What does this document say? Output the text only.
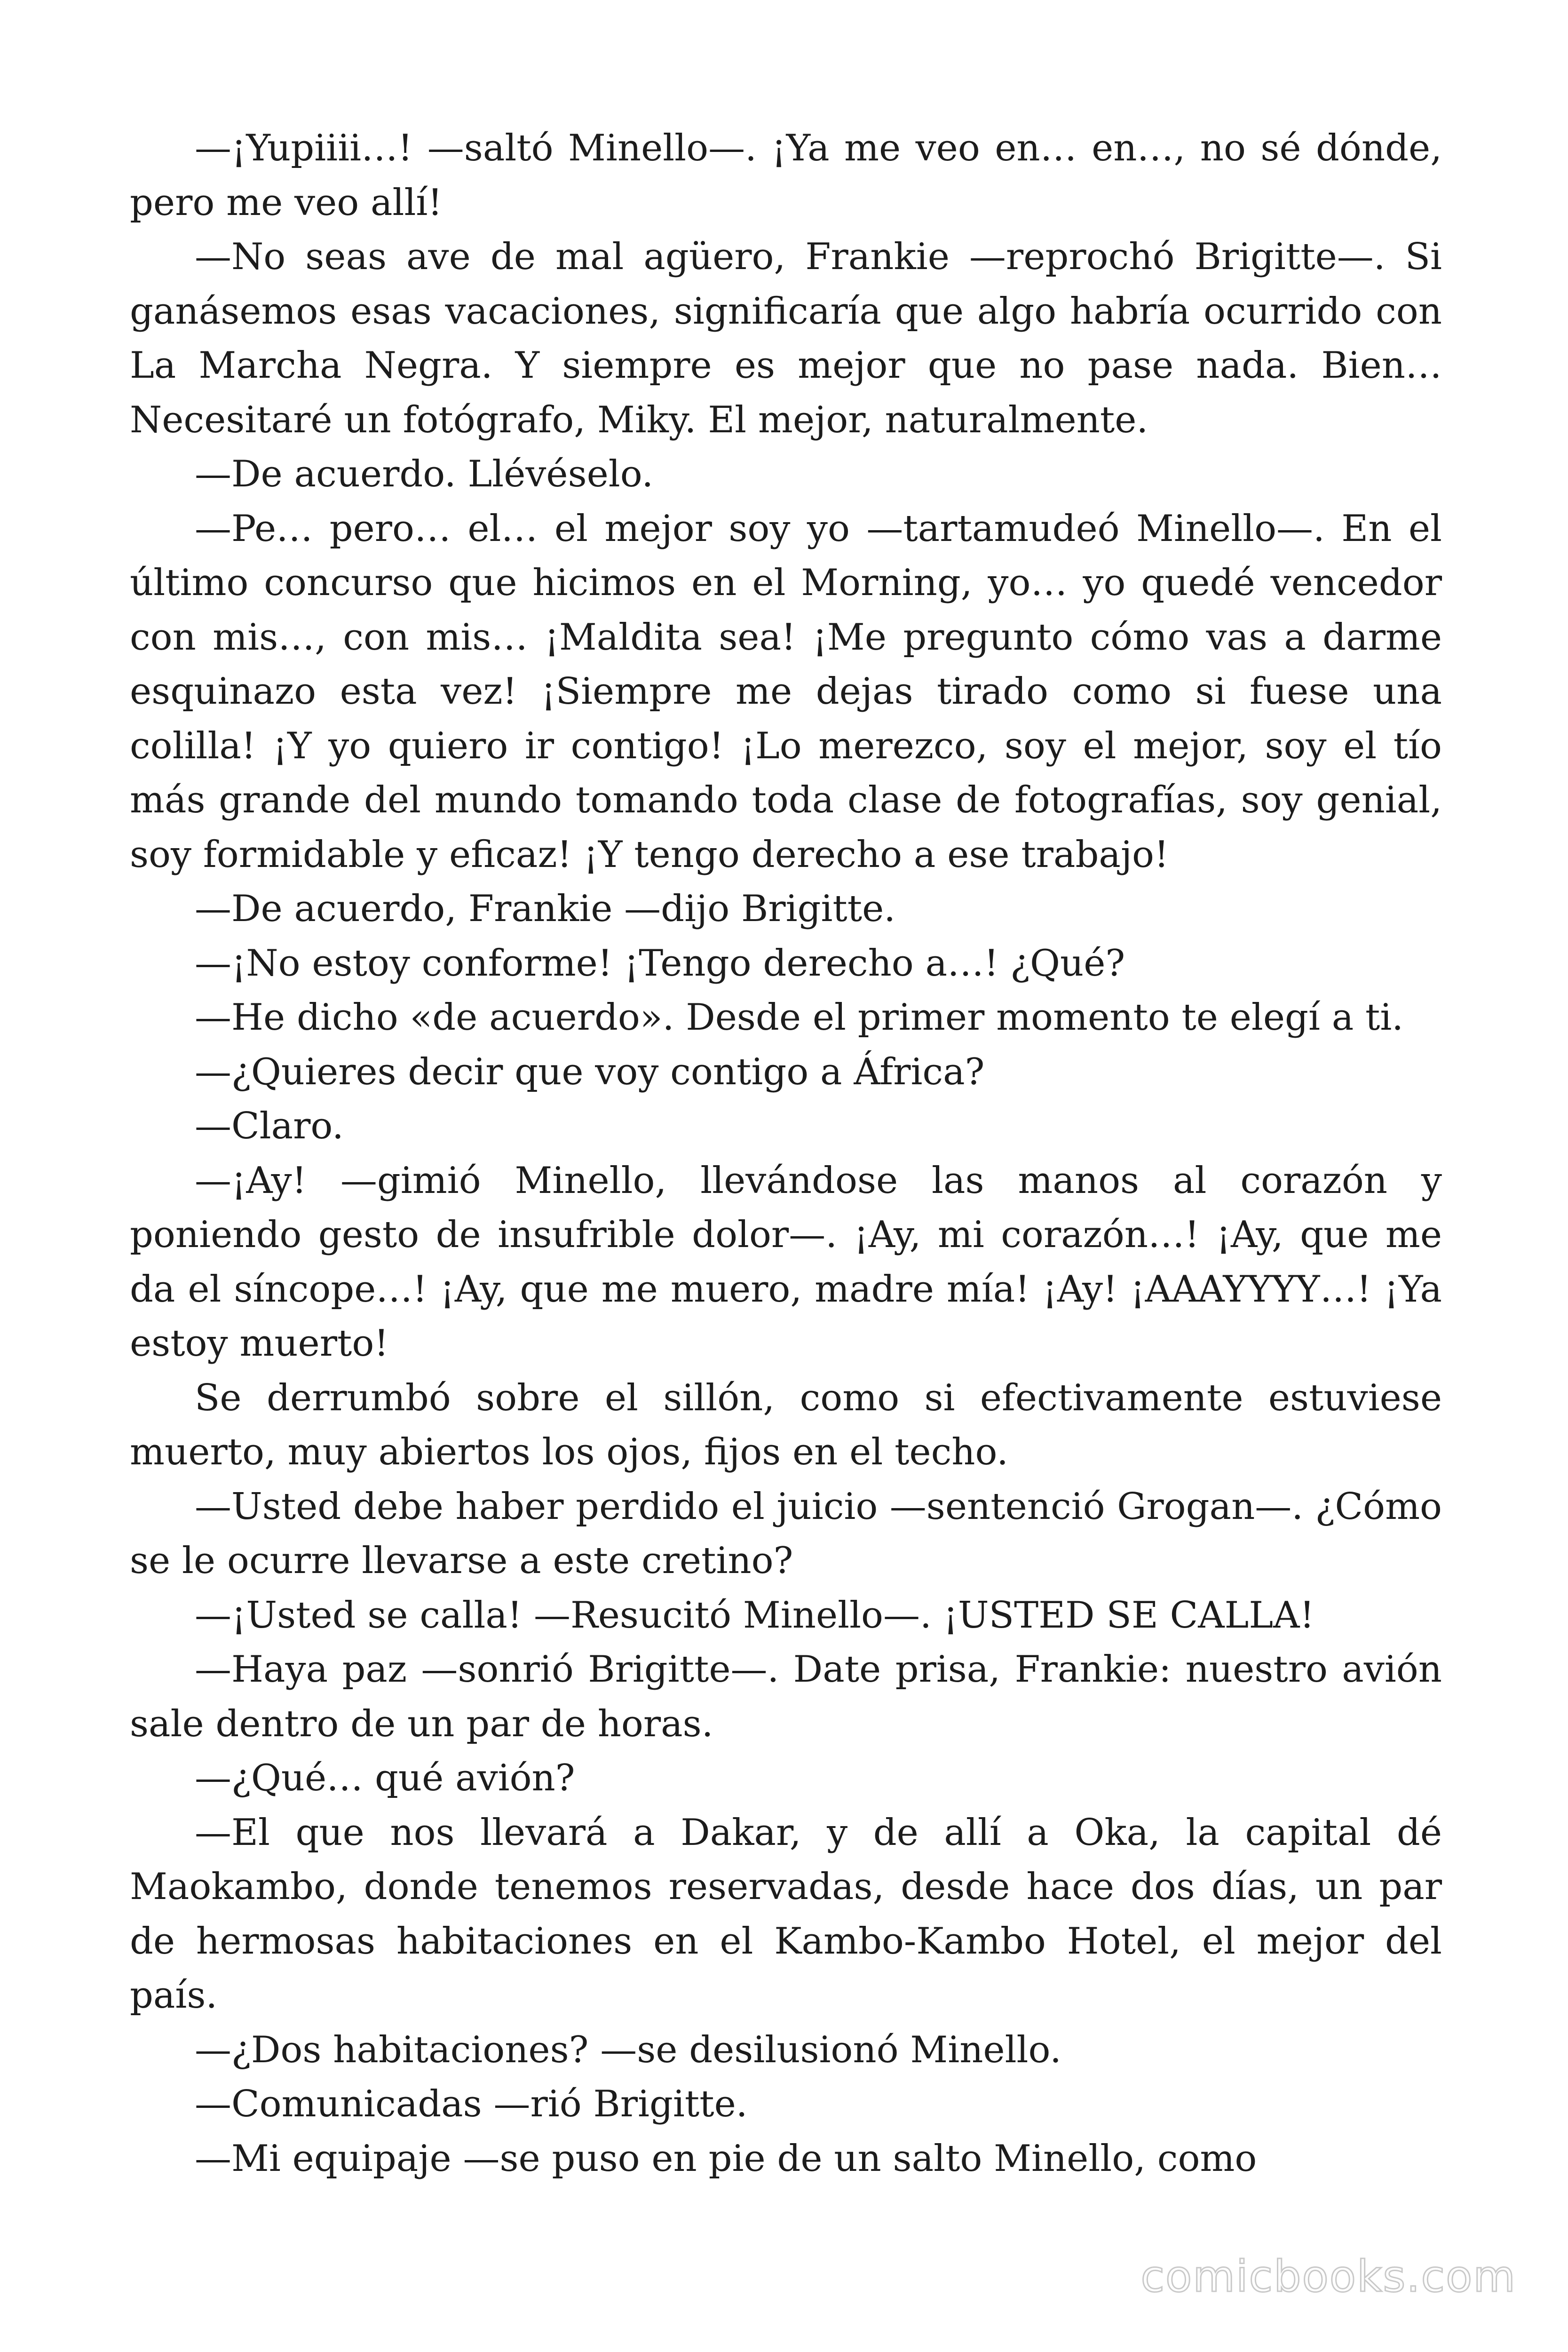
—¡Yupiiii…! —saltó Minello—. ¡Ya me veo en… en…, no sé dónde, pero me veo allí!

—No seas ave de mal agüero, Frankie —reprochó Brigitte—. Si ganásemos esas vacaciones, significaría que algo habría ocurrido con La Marcha Negra. Y siempre es mejor que no pase nada. Bien… Necesitaré un fotógrafo, Miky. El mejor, naturalmente.

—De acuerdo. Llévéselo.

—Pe… pero… el… el mejor soy yo —tartamudeó Minello—. En el último concurso que hicimos en el Morning, yo… yo quedé vencedor con mis…, con mis… ¡Maldita sea! ¡Me pregunto cómo vas a darme esquinazo esta vez! ¡Siempre me dejas tirado como si fuese una colilla! ¡Y yo quiero ir contigo! ¡Lo merezco, soy el mejor, soy el tío más grande del mundo tomando toda clase de fotografías, soy genial, soy formidable y eficaz! ¡Y tengo derecho a ese trabajo!

—De acuerdo, Frankie —dijo Brigitte.

—¡No estoy conforme! ¡Tengo derecho a…! ¿Qué?

—He dicho «de acuerdo». Desde el primer momento te elegí a ti.

—¿Quieres decir que voy contigo a África?

—Claro.

—¡Ay! —gimió Minello, llevándose las manos al corazón y poniendo gesto de insufrible dolor—. ¡Ay, mi corazón…! ¡Ay, que me da el síncope…! ¡Ay, que me muero, madre mía! ¡Ay! ¡AAAYYYY…! ¡Ya estoy muerto!

Se derrumbó sobre el sillón, como si efectivamente estuviese muerto, muy abiertos los ojos, fijos en el techo.

—Usted debe haber perdido el juicio —sentenció Grogan—. ¿Cómo se le ocurre llevarse a este cretino?

—¡Usted se calla! —Resucitó Minello—. ¡USTED SE CALLA!

—Haya paz —sonrió Brigitte—. Date prisa, Frankie: nuestro avión sale dentro de un par de horas.

—¿Qué… qué avión?

—El que nos llevará a Dakar, y de allí a Oka, la capital dé Maokambo, donde tenemos reservadas, desde hace dos días, un par de hermosas habitaciones en el Kambo-Kambo Hotel, el mejor del país.

—¿Dos habitaciones? —se desilusionó Minello.

—Comunicadas —rió Brigitte.

—Mi equipaje —se puso en pie de un salto Minello, como

comicbooks.com
